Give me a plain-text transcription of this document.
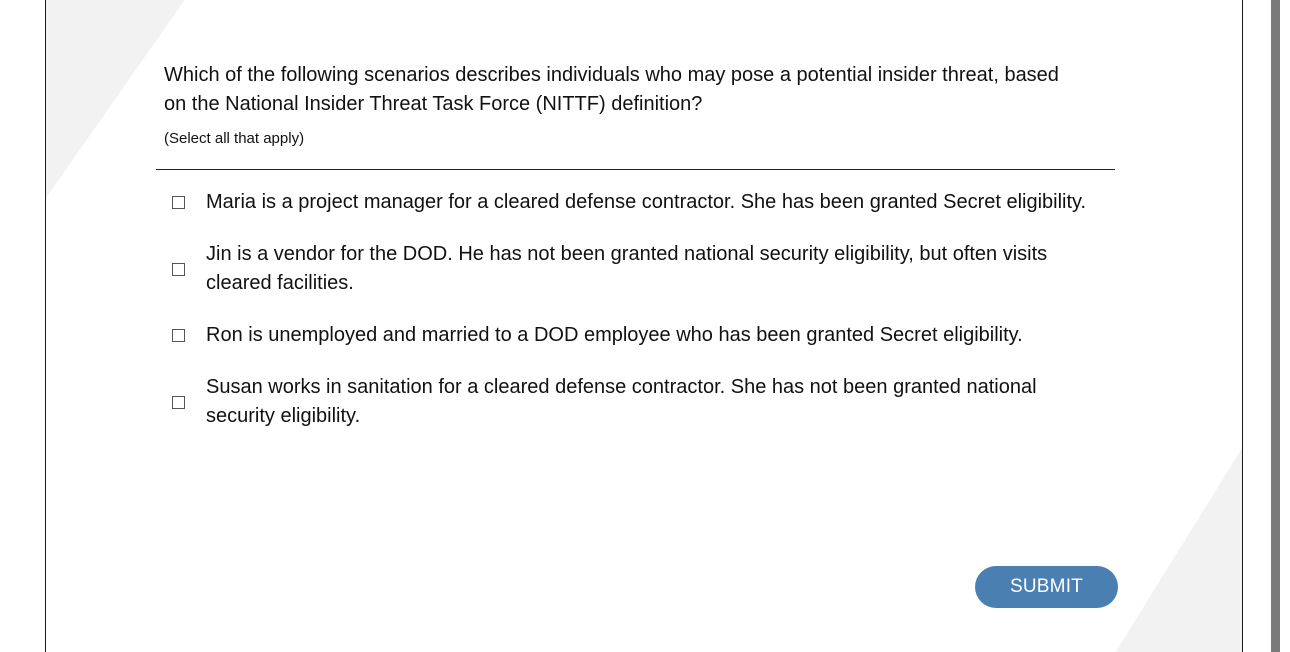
Which of the following scenarios describes individuals who may pose a potential insider threat, based on the National Insider Threat Task Force (NITTF) definition?
(Select all that apply)
Maria is a project manager for a cleared defense contractor. She has been granted Secret eligibility.
Jin is a vendor for the DOD. He has not been granted national security eligibility, but often visits cleared facilities.
Ron is unemployed and married to a DOD employee who has been granted Secret eligibility.
Susan works in sanitation for a cleared defense contractor. She has not been granted national security eligibility.
SUBMIT
